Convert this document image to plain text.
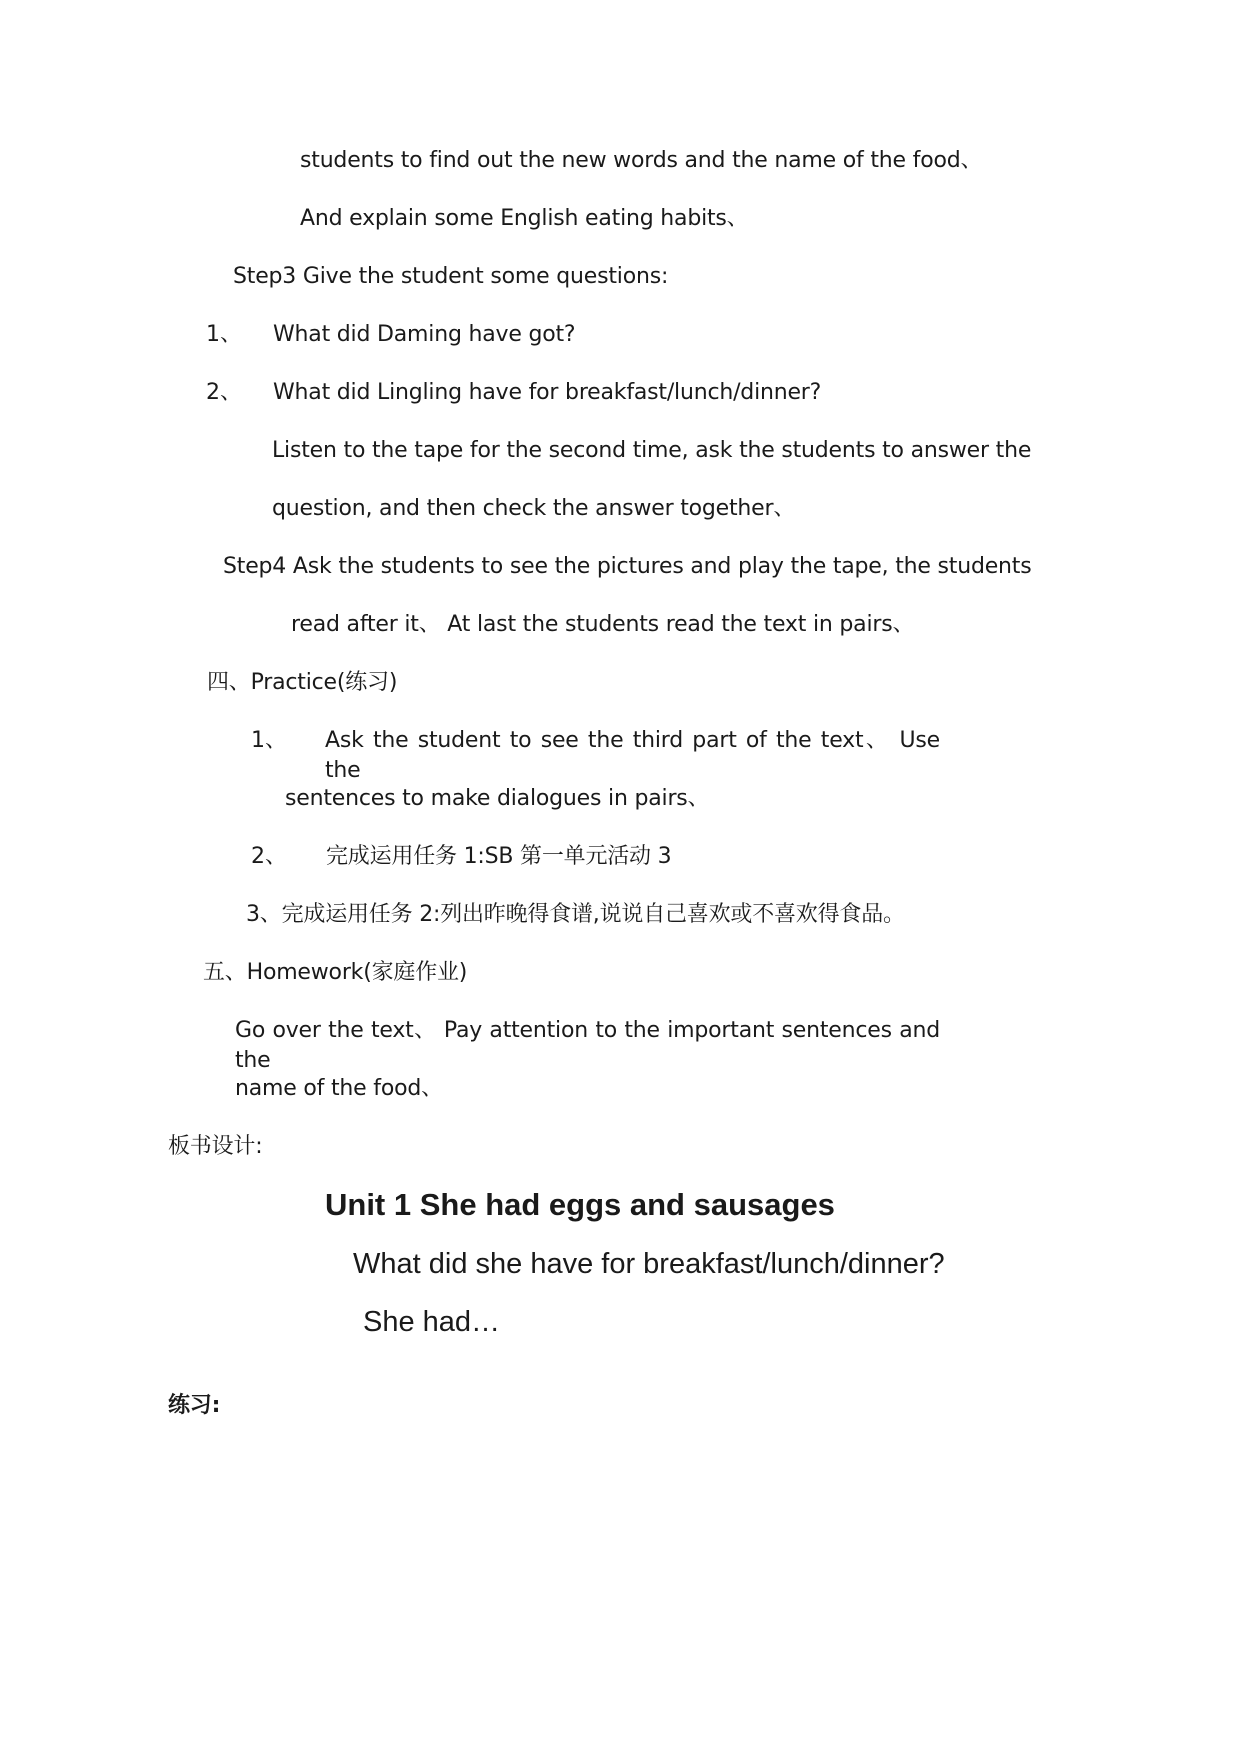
students to find out the new words and the name of the food、
And explain some English eating habits、
Step3 Give the student some questions:
1、 What did Daming have got?
2、 What did Lingling have for breakfast/lunch/dinner?
Listen to the tape for the second time, ask the students to answer the
question, and then check the answer together、
Step4 Ask the students to see the pictures and play the tape, the students
read after it、 At last the students read the text in pairs、
四、Practice(练习)
1、 Ask the student to see the third part of the text、 Use the
sentences to make dialogues in pairs、
2、 完成运用任务 1:SB 第一单元活动 3
3、完成运用任务 2:列出昨晚得食谱,说说自己喜欢或不喜欢得食品。
五、Homework(家庭作业)
Go over the text、 Pay attention to the important sentences and the
name of the food、
板书设计:
Unit 1 She had eggs and sausages
What did she have for breakfast/lunch/dinner?
She had…
练习:
